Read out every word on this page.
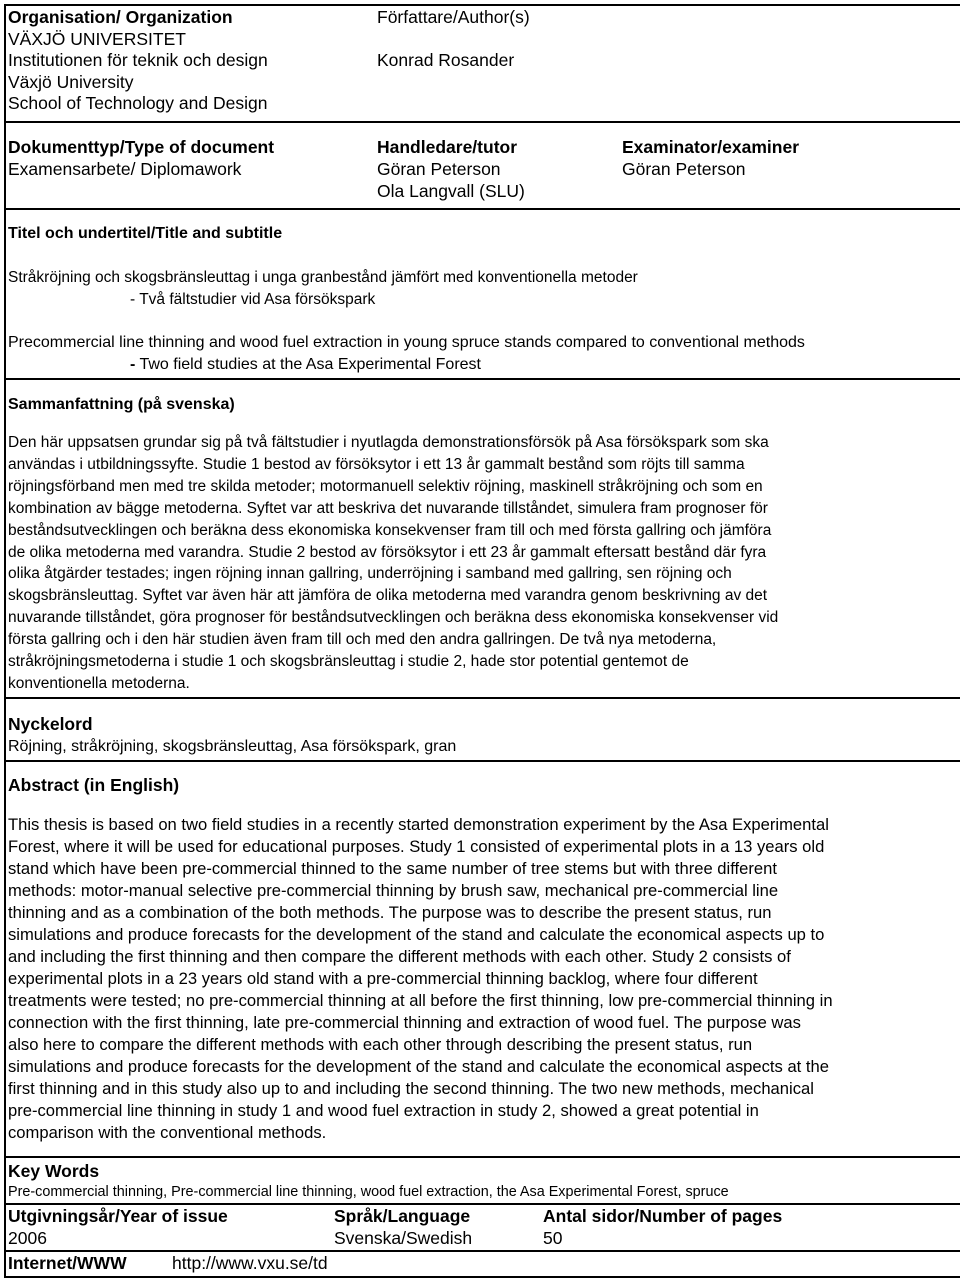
Organisation/ Organization
VÄXJÖ UNIVERSITET
Institutionen för teknik och design
Växjö University
School of Technology and Design
Författare/Author(s)
Konrad Rosander
Dokumenttyp/Type of document
Examensarbete/ Diplomawork
Handledare/tutor
Göran Peterson
Ola Langvall (SLU)
Examinator/examiner
Göran Peterson
Titel och undertitel/Title and subtitle
Stråkröjning och skogsbränsleuttag i unga granbestånd jämfört med konventionella metoder
- Två fältstudier vid Asa försökspark
Precommercial line thinning and wood fuel extraction in young spruce stands compared to conventional methods
- Two field studies at the Asa Experimental Forest
Sammanfattning (på svenska)
Den här uppsatsen grundar sig på två fältstudier i nyutlagda demonstrationsförsök på Asa försökspark som ska
användas i utbildningssyfte. Studie 1 bestod av försöksytor i ett 13 år gammalt bestånd som röjts till samma
röjningsförband men med tre skilda metoder; motormanuell selektiv röjning, maskinell stråkröjning och som en
kombination av bägge metoderna. Syftet var att beskriva det nuvarande tillståndet, simulera fram prognoser för
beståndsutvecklingen och beräkna dess ekonomiska konsekvenser fram till och med första gallring och jämföra
de olika metoderna med varandra. Studie 2 bestod av försöksytor i ett 23 år gammalt eftersatt bestånd där fyra
olika åtgärder testades; ingen röjning innan gallring, underröjning i samband med gallring, sen röjning och
skogsbränsleuttag. Syftet var även här att jämföra de olika metoderna med varandra genom beskrivning av det
nuvarande tillståndet, göra prognoser för beståndsutvecklingen och beräkna dess ekonomiska konsekvenser vid
första gallring och i den här studien även fram till och med den andra gallringen. De två nya metoderna,
stråkröjningsmetoderna i studie 1 och skogsbränsleuttag i studie 2, hade stor potential gentemot de
konventionella metoderna.
Nyckelord
Röjning, stråkröjning, skogsbränsleuttag, Asa försökspark, gran
Abstract (in English)
This thesis is based on two field studies in a recently started demonstration experiment by the Asa Experimental
Forest, where it will be used for educational purposes. Study 1 consisted of experimental plots in a 13 years old
stand which have been pre-commercial thinned to the same number of tree stems but with three different
methods: motor-manual selective pre-commercial thinning by brush saw, mechanical pre-commercial line
thinning and as a combination of the both methods. The purpose was to describe the present status, run
simulations and produce forecasts for the development of the stand and calculate the economical aspects up to
and including the first thinning and then compare the different methods with each other. Study 2 consists of
experimental plots in a 23 years old stand with a pre-commercial thinning backlog, where four different
treatments were tested; no pre-commercial thinning at all before the first thinning, low pre-commercial thinning in
connection with the first thinning, late pre-commercial thinning and extraction of wood fuel. The purpose was
also here to compare the different methods with each other through describing the present status, run
simulations and produce forecasts for the development of the stand and calculate the economical aspects at the
first thinning and in this study also up to and including the second thinning. The two new methods, mechanical
pre-commercial line thinning in study 1 and wood fuel extraction in study 2, showed a great potential in
comparison with the conventional methods.
Key Words
Pre-commercial thinning, Pre-commercial line thinning, wood fuel extraction, the Asa Experimental Forest, spruce
Utgivningsår/Year of issue
2006
Språk/Language
Svenska/Swedish
Antal sidor/Number of pages
50
Internet/WWW	http://www.vxu.se/td
